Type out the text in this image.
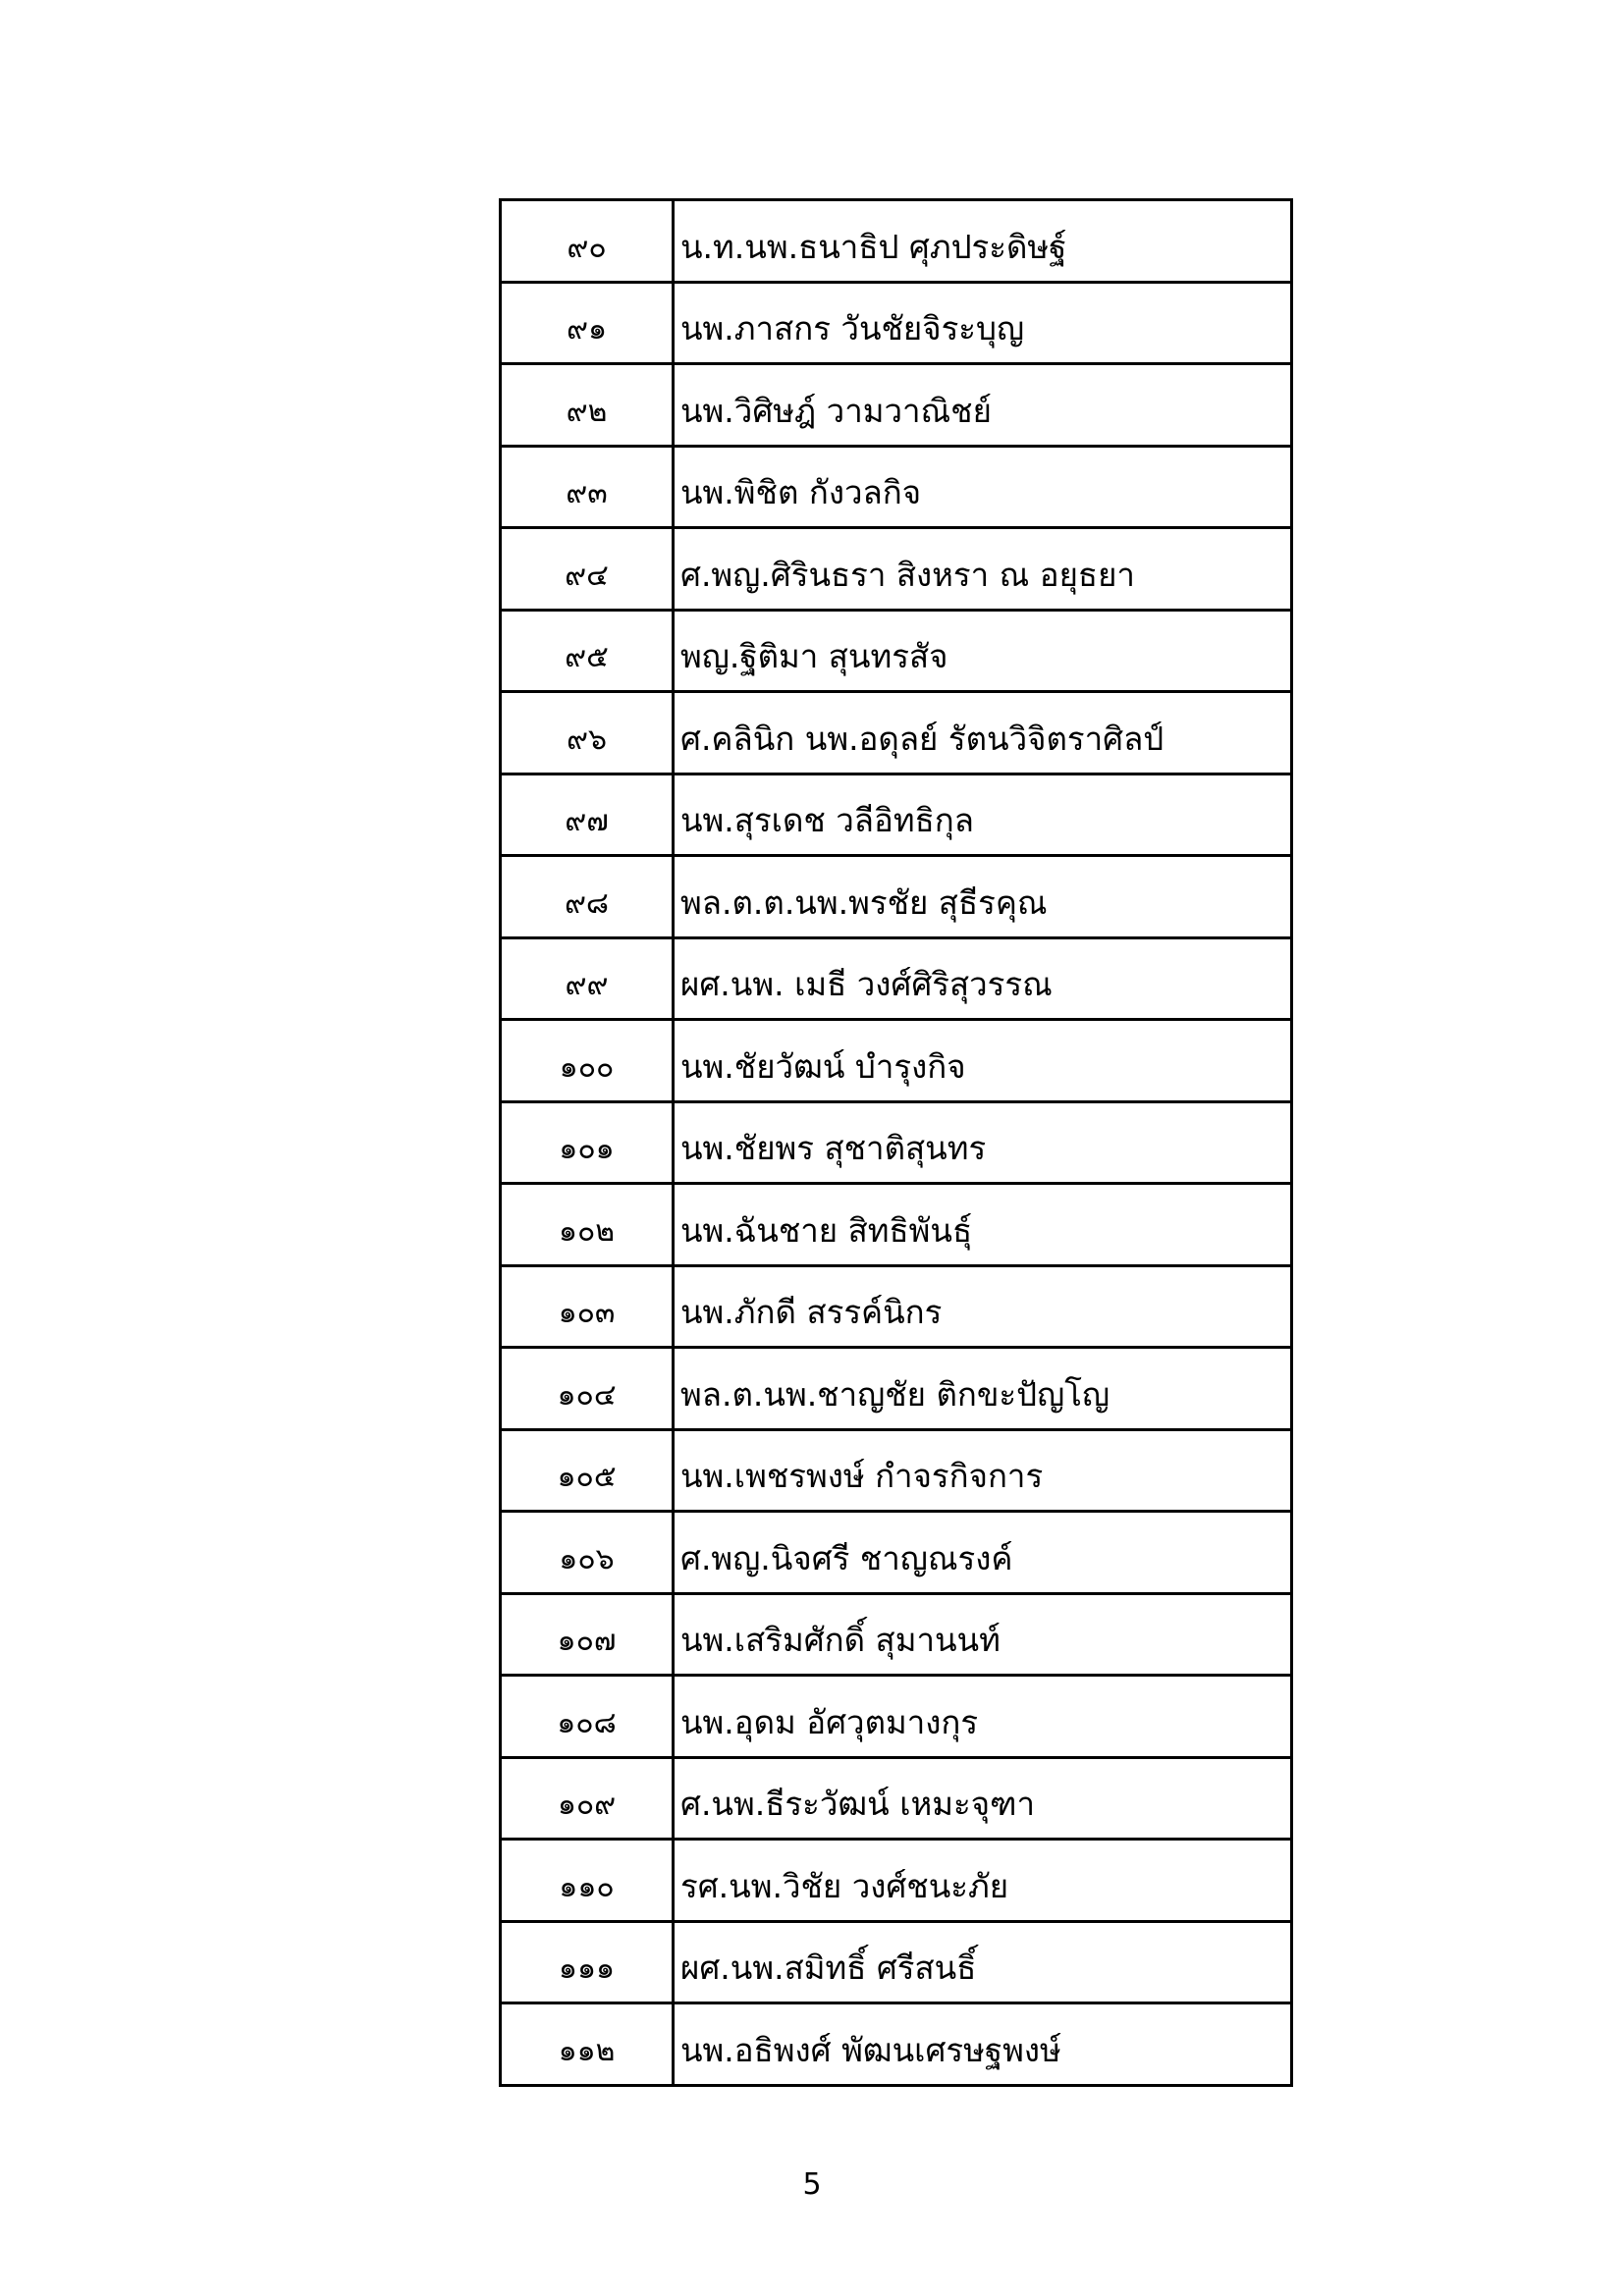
๙๐	น.ท.นพ.ธนาธิป ศุภประดิษฐ์
๙๑	นพ.ภาสกร วันชัยจิระบุญ
๙๒	นพ.วิศิษฎ์ วามวาณิชย์
๙๓	นพ.พิชิต กังวลกิจ
๙๔	ศ.พญ.ศิรินธรา สิงหรา ณ อยุธยา
๙๕	พญ.ฐิติมา สุนทรสัจ
๙๖	ศ.คลินิก นพ.อดุลย์ รัตนวิจิตราศิลป์
๙๗	นพ.สุรเดช วลีอิทธิกุล
๙๘	พล.ต.ต.นพ.พรชัย สุธีรคุณ
๙๙	ผศ.นพ. เมธี วงศ์ศิริสุวรรณ
๑๐๐	นพ.ชัยวัฒน์ บำรุงกิจ
๑๐๑	นพ.ชัยพร สุชาติสุนทร
๑๐๒	นพ.ฉันชาย สิทธิพันธุ์
๑๐๓	นพ.ภักดี สรรค์นิกร
๑๐๔	พล.ต.นพ.ชาญชัย ติกขะปัญโญ
๑๐๕	นพ.เพชรพงษ์ กำจรกิจการ
๑๐๖	ศ.พญ.นิจศรี ชาญณรงค์
๑๐๗	นพ.เสริมศักดิ์ สุมานนท์
๑๐๘	นพ.อุดม อัศวุตมางกุร
๑๐๙	ศ.นพ.ธีระวัฒน์ เหมะจุฑา
๑๑๐	รศ.นพ.วิชัย วงศ์ชนะภัย
๑๑๑	ผศ.นพ.สมิทธิ์ ศรีสนธิ์
๑๑๒	นพ.อธิพงศ์ พัฒนเศรษฐพงษ์
5
